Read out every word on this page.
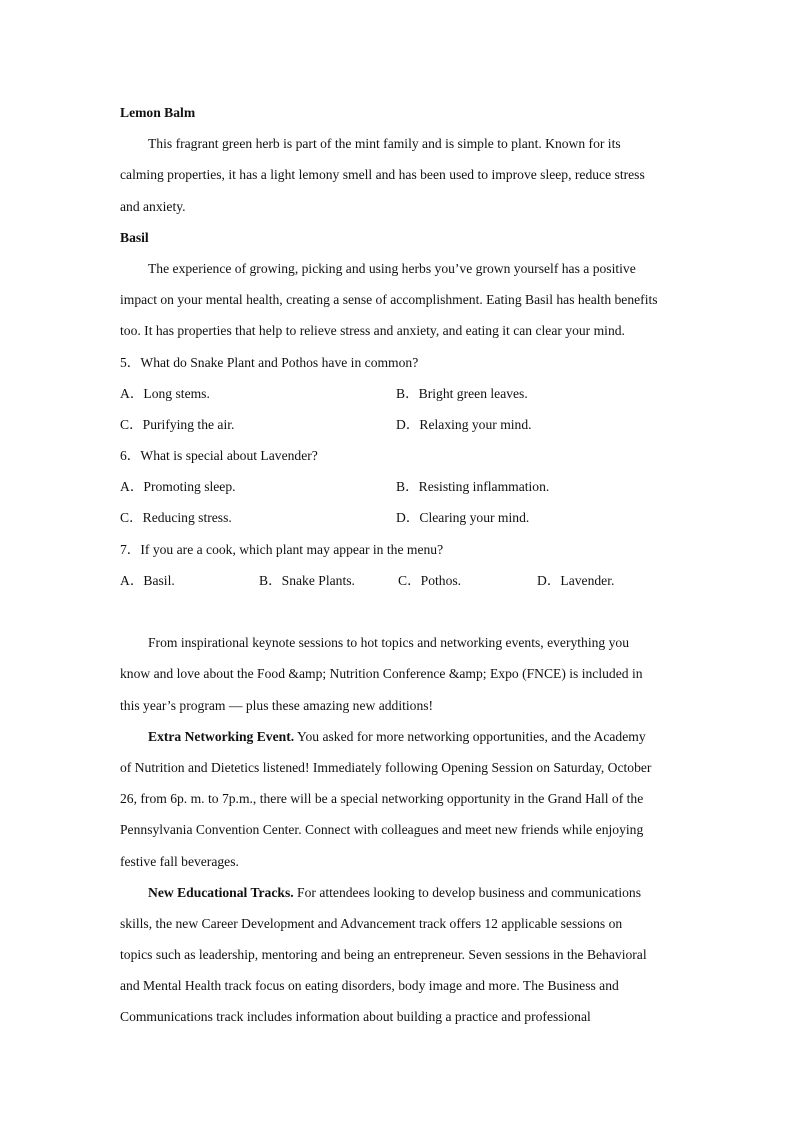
Lemon Balm
This fragrant green herb is part of the mint family and is simple to plant. Known for its
calming properties, it has a light lemony smell and has been used to improve sleep, reduce stress
and anxiety.
Basil
The experience of growing, picking and using herbs you’ve grown yourself has a positive
impact on your mental health, creating a sense of accomplishment. Eating Basil has health benefits
too. It has properties that help to relieve stress and anxiety, and eating it can clear your mind.
5．What do Snake Plant and Pothos have in common?
A．Long stems.	B．Bright green leaves.
C．Purifying the air.	D．Relaxing your mind.
6．What is special about Lavender?
A．Promoting sleep.	B．Resisting inflammation.
C．Reducing stress.	D．Clearing your mind.
7．If you are a cook, which plant may appear in the menu?
A．Basil.	B．Snake Plants.	C．Pothos.	D．Lavender.
From inspirational keynote sessions to hot topics and networking events, everything you
know and love about the Food &amp; Nutrition Conference &amp; Expo (FNCE) is included in
this year’s program — plus these amazing new additions!
Extra Networking Event. You asked for more networking opportunities, and the Academy
of Nutrition and Dietetics listened! Immediately following Opening Session on Saturday, October
26, from 6p. m. to 7p.m., there will be a special networking opportunity in the Grand Hall of the
Pennsylvania Convention Center. Connect with colleagues and meet new friends while enjoying
festive fall beverages.
New Educational Tracks. For attendees looking to develop business and communications
skills, the new Career Development and Advancement track offers 12 applicable sessions on
topics such as leadership, mentoring and being an entrepreneur. Seven sessions in the Behavioral
and Mental Health track focus on eating disorders, body image and more. The Business and
Communications track includes information about building a practice and professional
